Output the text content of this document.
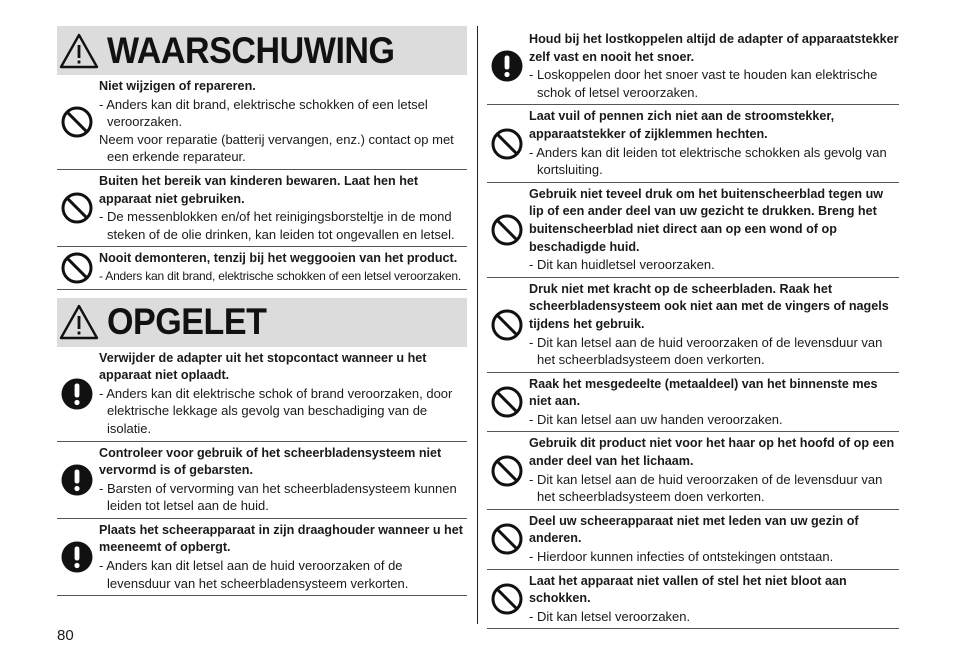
WAARSCHUWING
Niet wijzigen of repareren.
- Anders kan dit brand, elektrische schokken of een letsel veroorzaken.
Neem voor reparatie (batterij vervangen, enz.) contact op met een erkende reparateur.
Buiten het bereik van kinderen bewaren. Laat hen het apparaat niet gebruiken.
- De messenblokken en/of het reinigingsborsteltje in de mond steken of de olie drinken, kan leiden tot ongevallen en letsel.
Nooit demonteren, tenzij bij het weggooien van het product.
- Anders kan dit brand, elektrische schokken of een letsel veroorzaken.
OPGELET
Verwijder de adapter uit het stopcontact wanneer u het apparaat niet oplaadt.
- Anders kan dit elektrische schok of brand veroorzaken, door elektrische lekkage als gevolg van beschadiging van de isolatie.
Controleer voor gebruik of het scheerbladensysteem niet vervormd is of gebarsten.
- Barsten of vervorming van het scheerbladensysteem kunnen leiden tot letsel aan de huid.
Plaats het scheerapparaat in zijn draaghouder wanneer u het meeneemt of opbergt.
- Anders kan dit letsel aan de huid veroorzaken of de levensduur van het scheerbladensysteem verkorten.
Houd bij het lostkoppelen altijd de adapter of apparaatstekker zelf vast en nooit het snoer.
- Loskoppelen door het snoer vast te houden kan elektrische schok of letsel veroorzaken.
Laat vuil of pennen zich niet aan de stroomstekker, apparaatstekker of zijklemmen hechten.
- Anders kan dit leiden tot elektrische schokken als gevolg van kortsluiting.
Gebruik niet teveel druk om het buitenscheerblad tegen uw lip of een ander deel van uw gezicht te drukken. Breng het buitenscheerblad niet direct aan op een wond of op beschadigde huid.
- Dit kan huidletsel veroorzaken.
Druk niet met kracht op de scheerbladen. Raak het scheerbladensysteem ook niet aan met de vingers of nagels tijdens het gebruik.
- Dit kan letsel aan de huid veroorzaken of de levensduur van het scheerbladsysteem doen verkorten.
Raak het mesgedeelte (metaaldeel) van het binnenste mes niet aan.
- Dit kan letsel aan uw handen veroorzaken.
Gebruik dit product niet voor het haar op het hoofd of op een ander deel van het lichaam.
- Dit kan letsel aan de huid veroorzaken of de levensduur van het scheerbladsysteem doen verkorten.
Deel uw scheerapparaat niet met leden van uw gezin of anderen.
- Hierdoor kunnen infecties of ontstekingen ontstaan.
Laat het apparaat niet vallen of stel het niet bloot aan schokken.
- Dit kan letsel veroorzaken.
80
